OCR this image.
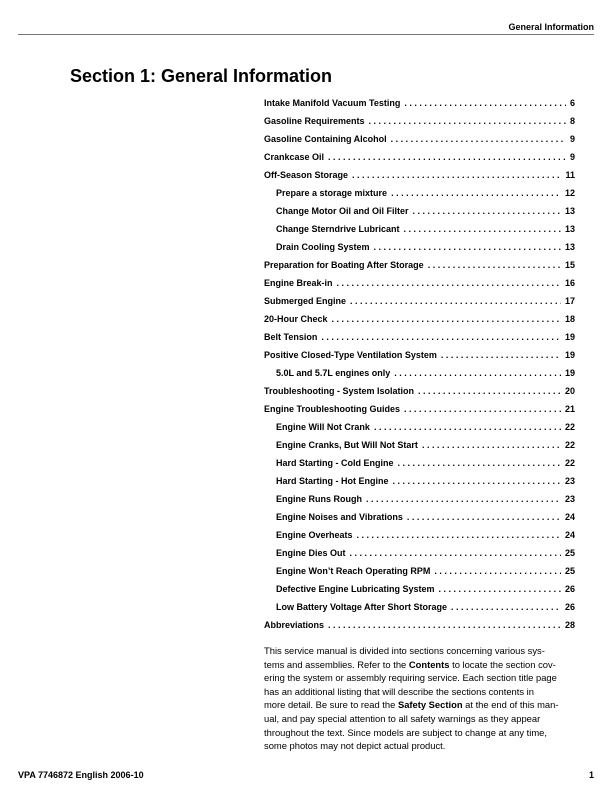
General Information
Section 1: General Information
Intake Manifold Vacuum Testing . . .	6
Gasoline Requirements . . .	8
Gasoline Containing Alcohol . . .	9
Crankcase Oil . . .	9
Off-Season Storage . . .	11
Prepare a storage mixture . . .	12
Change Motor Oil and Oil Filter . . .	13
Change Sterndrive Lubricant . . .	13
Drain Cooling System . . .	13
Preparation for Boating After Storage . . .	15
Engine Break-in . . .	16
Submerged Engine . . .	17
20-Hour Check . . .	18
Belt Tension . . .	19
Positive Closed-Type Ventilation System . . .	19
5.0L and 5.7L engines only . . .	19
Troubleshooting - System Isolation . . .	20
Engine Troubleshooting Guides . . .	21
Engine Will Not Crank . . .	22
Engine Cranks, But Will Not Start . . .	22
Hard Starting - Cold Engine . . .	22
Hard Starting - Hot Engine . . .	23
Engine Runs Rough . . .	23
Engine Noises and Vibrations . . .	24
Engine Overheats . . .	24
Engine Dies Out . . .	25
Engine Won’t Reach Operating RPM . . .	25
Defective Engine Lubricating System . . .	26
Low Battery Voltage After Short Storage . . .	26
Abbreviations . . .	28
This service manual is divided into sections concerning various sys-
tems and assemblies. Refer to the Contents to locate the section cov-
ering the system or assembly requiring service. Each section title page
has an additional listing that will describe the sections contents in
more detail. Be sure to read the Safety Section at the end of this man-
ual, and pay special attention to all safety warnings as they appear
throughout the text. Since models are subject to change at any time,
some photos may not depict actual product.
VPA 7746872 English 2006-10	1
